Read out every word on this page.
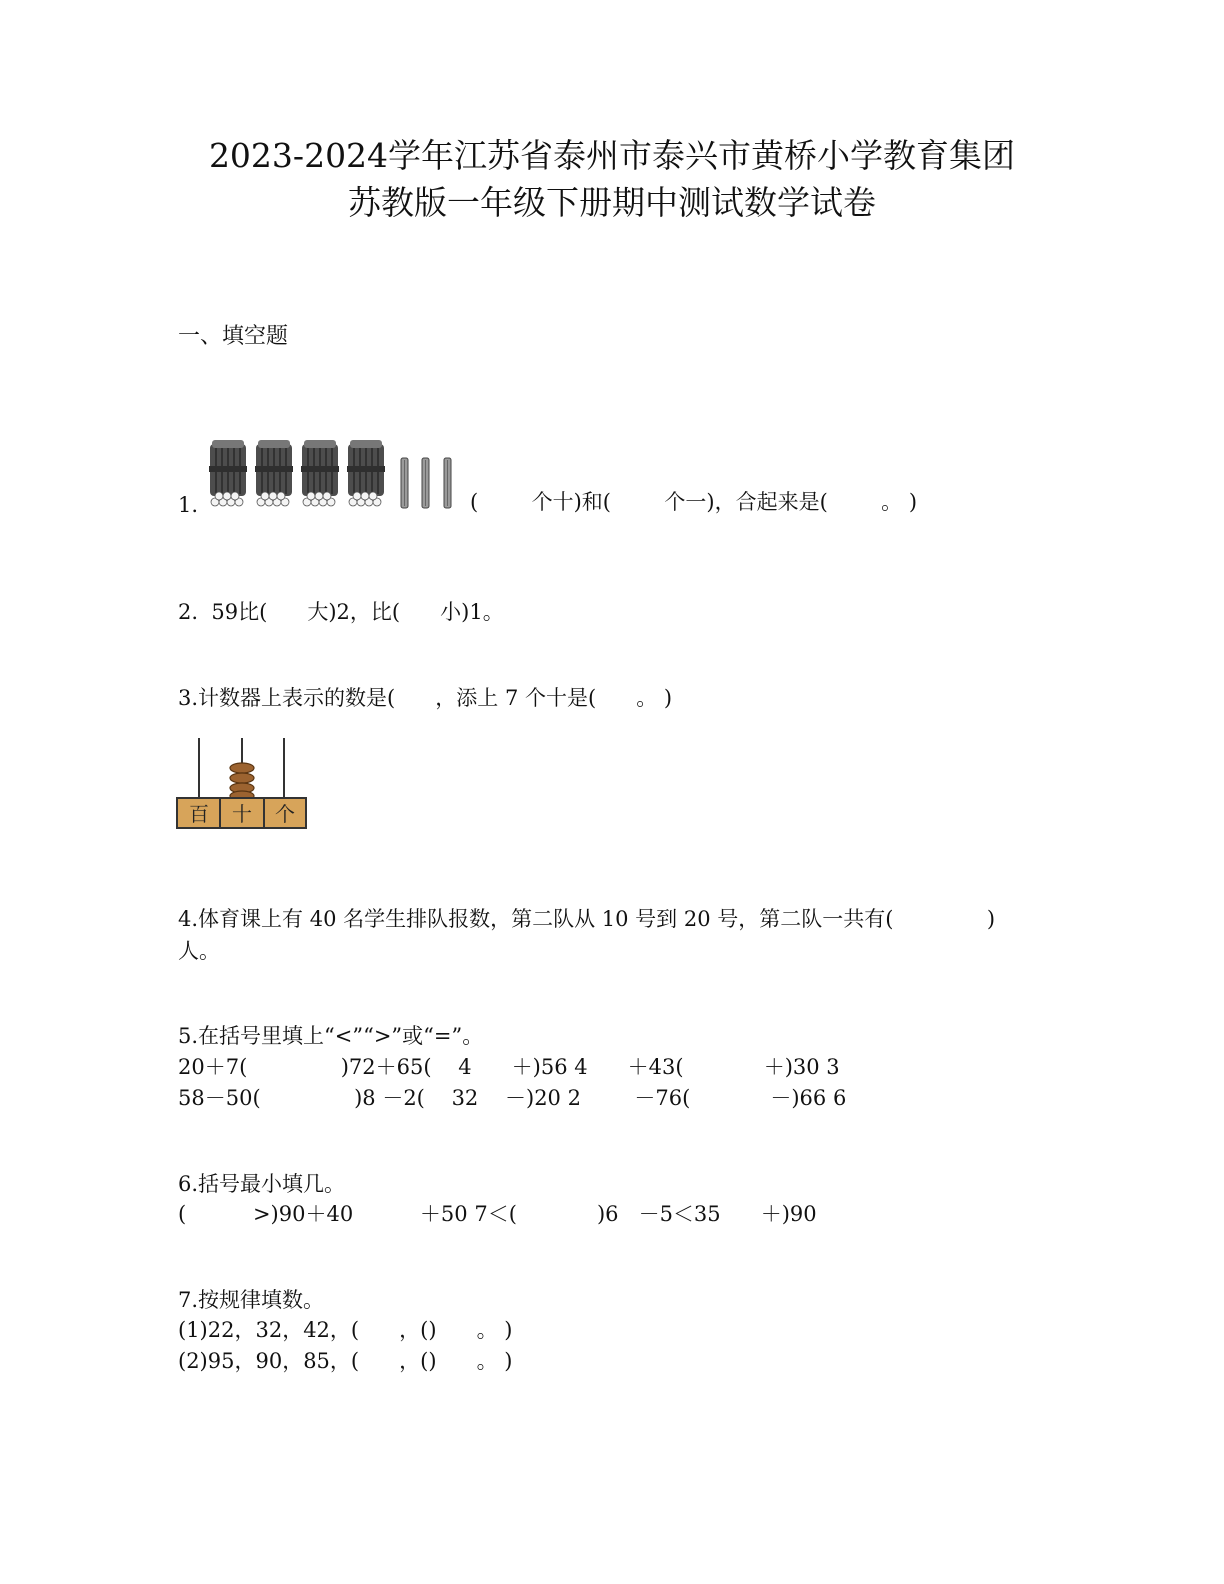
2023-2024学年江苏省泰州市泰兴市黄桥小学教育集团
苏教版一年级下册期中测试数学试卷
一、填空题
1.	(        个十)和(        个一)，合起来是(        。 )
2.  59比(      大)2，比(      小)1。
3.计数器上表示的数是(      ，添上 7 个十是(      。 )
百 十 个
4.体育课上有 40 名学生排队报数，第二队从 10 号到 20 号，第二队一共有(              )
人。
5.在括号里填上“<”“>”或“=”。
20＋7(              )72＋65(    4      ＋)56 4      ＋43(            ＋)30 3
58－50(              )8 －2(    32    －)20 2        －76(            －)66 6
6.括号最小填几。
(          >)90＋40          ＋50 7＜(            )6   －5＜35      ＋)90
7.按规律填数。
(1)22，32，42，(      ，()      。 )
(2)95，90，85，(      ，()      。 )
